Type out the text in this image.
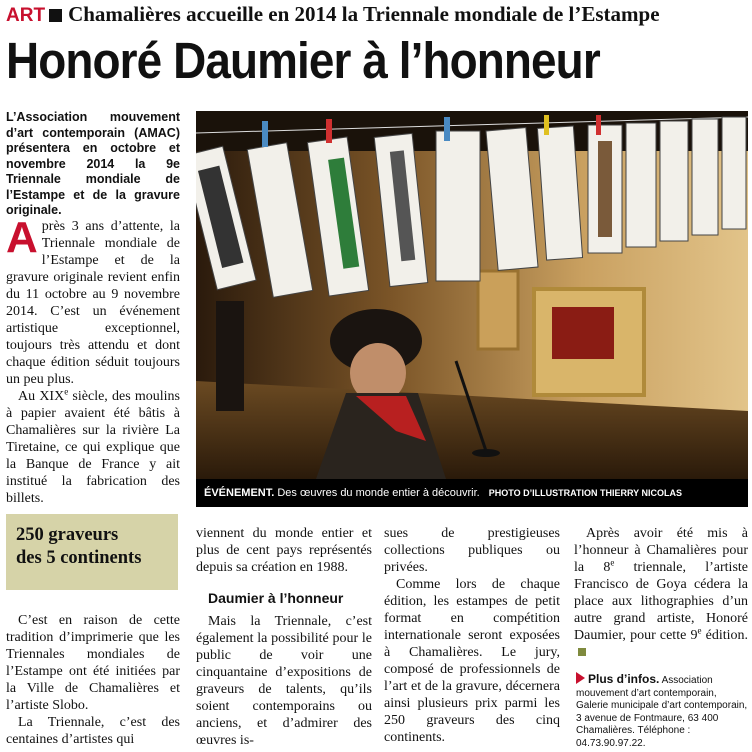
ART Chamalières accueille en 2014 la Triennale mondiale de l’Estampe
Honoré Daumier à l’honneur
L’Association mouvement d’art contemporain (AMAC) présentera en octobre et novembre 2014 la 9e Triennale mondiale de l’Estampe et de la gravure originale.

Après 3 ans d’attente, la Triennale mondiale de l’Estampe et de la gravure originale revient enfin du 11 octobre au 9 novembre 2014. C’est un événement artistique exceptionnel, toujours très attendu et dont chaque édition séduit toujours un peu plus.

Au XIXe siècle, des moulins à papier avaient été bâtis à Chamalières sur la rivière La Tiretaine, ce qui explique que la Banque de France y ait institué la fabrication des billets.	ÉVÉNEMENT. Des œuvres du monde entier à découvrir. PHOTO D’ILLUSTRATION THIERRY NICOLAS
250 graveurs
des 5 continents

C’est en raison de cette tradition d’imprimerie que les Triennales mondiales de l’Estampe ont été initiées par la Ville de Chamalières et l’artiste Slobo.

La Triennale, c’est des centaines d’artistes qui

viennent du monde entier et plus de cent pays représentés depuis sa création en 1988.

Daumier à l’honneur

Mais la Triennale, c’est également la possibilité pour le public de voir une cinquantaine d’expositions de graveurs de talents, qu’ils soient contemporains ou anciens, et d’admirer des œuvres is-

sues de prestigieuses collections publiques ou privées.

Comme lors de chaque édition, les estampes de petit format en compétition internationale seront exposées à Chamalières. Le jury, composé de professionnels de l’art et de la gravure, décernera ainsi plusieurs prix parmi les 250 graveurs des cinq continents.

Après avoir été mis à l’honneur à Chamalières pour la 8e triennale, l’artiste Francisco de Goya cédera la place aux lithographies d’un autre grand artiste, Honoré Daumier, pour cette 9e édition.

Plus d’infos. Association mouvement d’art contemporain, Galerie municipale d’art contemporain, 3 avenue de Fontmaure, 63 400 Chamalières. Téléphone : 04.73.90.97.22.
